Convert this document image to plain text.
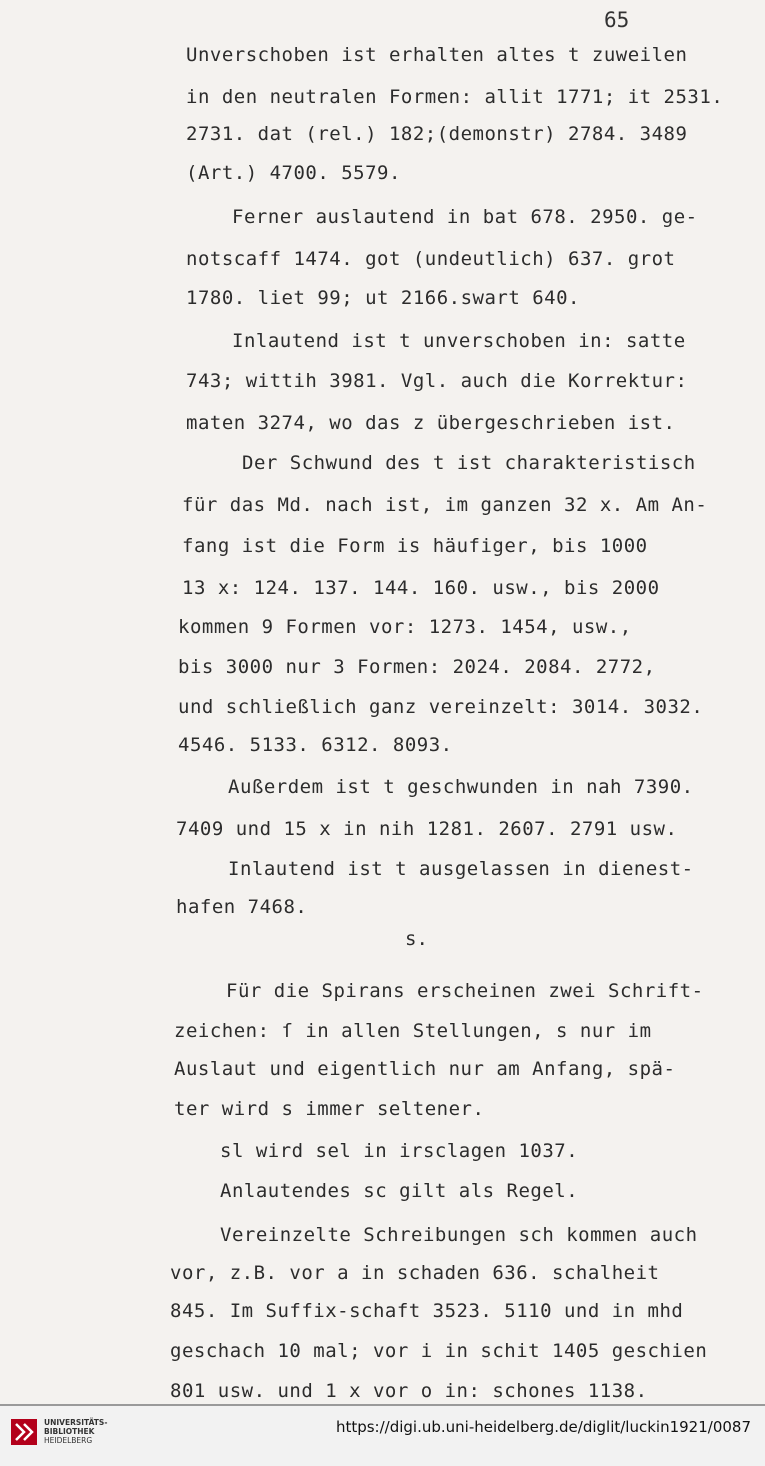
65
Unverschoben ist erhalten altes t zuweilen
in den neutralen Formen: allit 1771; it 2531.
2731. dat (rel.) 182;(demonstr) 2784. 3489
(Art.) 4700. 5579.
Ferner auslautend in bat 678. 2950. ge-
notscaff 1474. got (undeutlich) 637. grot
1780. liet 99; ut 2166.swart 640.
Inlautend ist t unverschoben in: satte
743; wittih 3981. Vgl. auch die Korrektur:
maten 3274, wo das z übergeschrieben ist.
Der Schwund des t ist charakteristisch
für das Md. nach ist, im ganzen 32 x. Am An-
fang ist die Form is häufiger, bis 1000
13 x: 124. 137. 144. 160. usw., bis 2000
kommen 9 Formen vor: 1273. 1454, usw.,
bis 3000 nur 3 Formen: 2024. 2084. 2772,
und schließlich ganz vereinzelt: 3014. 3032.
4546. 5133. 6312. 8093.
Außerdem ist t geschwunden in nah 7390.
7409 und 15 x in nih 1281. 2607. 2791 usw.
Inlautend ist t ausgelassen in dienest-
hafen 7468.
s.
Für die Spirans erscheinen zwei Schrift-
zeichen: ſ in allen Stellungen, s nur im
Auslaut und eigentlich nur am Anfang, spä-
ter wird s immer seltener.
sl wird sel in irsclagen 1037.
Anlautendes sc gilt als Regel.
Vereinzelte Schreibungen sch kommen auch
vor, z.B. vor a in schaden 636. schalheit
845. Im Suffix-schaft 3523. 5110 und in mhd
geschach 10 mal; vor i in schit 1405 geschien
801 usw. und 1 x vor o in: schones 1138.
UNIVERSITÄTS-
BIBLIOTHEK
HEIDELBERG
https://digi.ub.uni-heidelberg.de/diglit/luckin1921/0087
